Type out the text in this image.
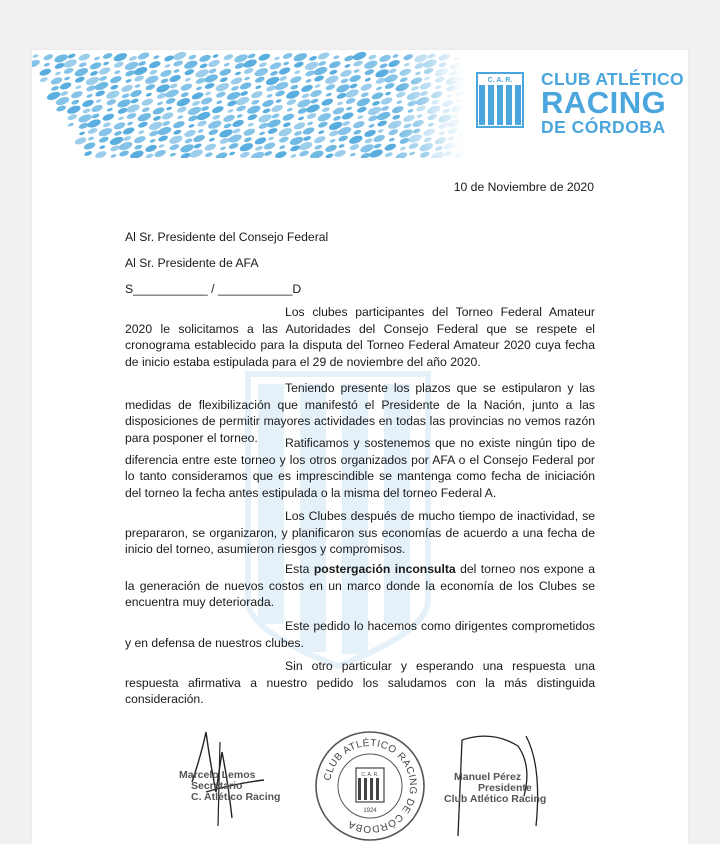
C. A. R. CLUB ATLÉTICO
RACING
DE CÓRDOBA
10 de Noviembre de 2020
Al Sr. Presidente del Consejo Federal
Al Sr. Presidente de AFA
S___________ / ___________D

Los clubes participantes del Torneo Federal Amateur 2020 le solicitamos a las Autoridades del Consejo Federal que se respete el cronograma establecido para la disputa del Torneo Federal Amateur 2020 cuya fecha de inicio estaba estipulada para el 29 de noviembre del año 2020.

Teniendo presente los plazos que se estipularon y las medidas de flexibilización que manifestó el Presidente de la Nación, junto a las disposiciones de permitir mayores actividades en todas las provincias no vemos razón para posponer el torneo.	Ratificamos y sostenemos que no existe ningún tipo de diferencia entre este torneo y los otros organizados por AFA o el Consejo Federal por lo tanto consideramos que es imprescindible se mantenga como fecha de iniciación del torneo la fecha antes estipulada o la misma del torneo Federal A.

Los Clubes después de mucho tiempo de inactividad, se prepararon, se organizaron, y planificaron sus economías de acuerdo a una fecha de inicio del torneo, asumieron riesgos y compromisos.

Esta postergación inconsulta del torneo nos expone a la generación de nuevos costos en un marco donde la economía de los Clubes se encuentra muy deteriorada.

Este pedido lo hacemos como dirigentes comprometidos y en defensa de nuestros clubes.

Sin otro particular y esperando una respuesta una respuesta afirmativa a nuestro pedido los saludamos con la más distinguida consideración.

Marcelo Lemos
Secretario
C. Atlético Racing
CLUB ATLÉTICO RACING DE CÓRDOBA
C. A. R.
1924
Manuel Pérez
Presidente
Club Atlético Racing
